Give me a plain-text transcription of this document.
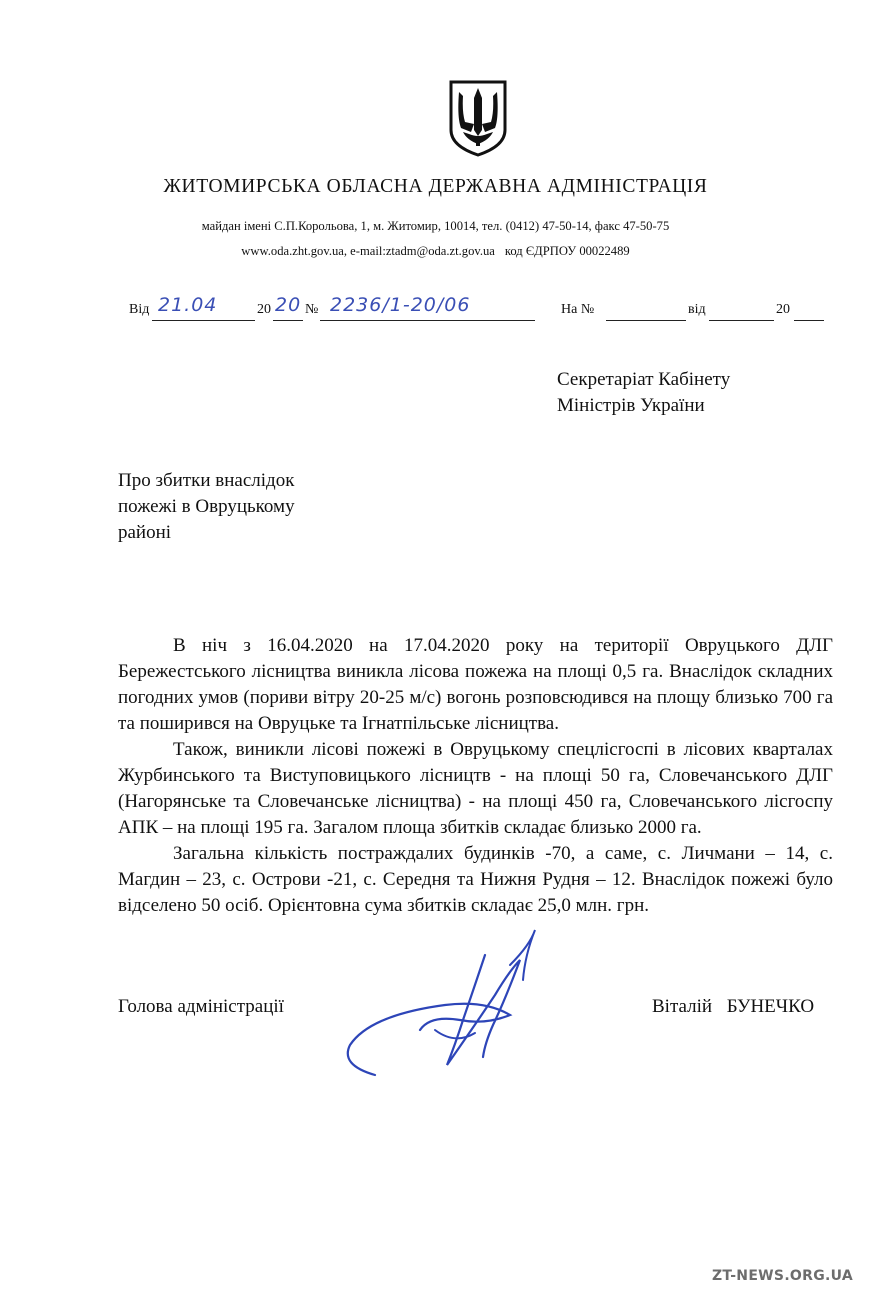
ЖИТОМИРСЬКА ОБЛАСНА ДЕРЖАВНА АДМІНІСТРАЦІЯ
майдан імені С.П.Корольова, 1, м. Житомир, 10014, тел. (0412) 47-50-14, факс 47-50-75
www.oda.zht.gov.ua, e-mail:ztadm@oda.zt.gov.ua код ЄДРПОУ 00022489
Від 21.04	20 20 № 2236/1-20/06	На №	від	20
Секретаріат Кабінету
Міністрів України
Про збитки внаслідок
пожежі в Овруцькому
районі

В ніч з 16.04.2020 на 17.04.2020 року на території Овруцького ДЛГ Бережестського лісництва виникла лісова пожежа на площі 0,5 га. Внаслідок складних погодних умов (пориви вітру 20-25 м/с) вогонь розповсюдився на площу близько 700 га та поширився на Овруцьке та Ігнатпільське лісництва.

Також, виникли лісові пожежі в Овруцькому спецлісгоспі в лісових кварталах Журбинського та Виступовицького лісництв - на площі 50 га, Словечанського ДЛГ (Нагорянське та Словечанське лісництва) - на площі 450 га, Словечанського лісгоспу АПК – на площі 195 га. Загалом площа збитків складає близько 2000 га.

Загальна кількість постраждалих будинків -70, а саме, с. Личмани – 14, с. Магдин – 23, с. Острови -21, с. Середня та Нижня Рудня – 12. Внаслідок пожежі було відселено 50 осіб. Орієнтовна сума збитків складає 25,0 млн. грн.

Голова адміністрації	Віталій БУНЕЧКО
ZT-NEWS.ORG.UA
